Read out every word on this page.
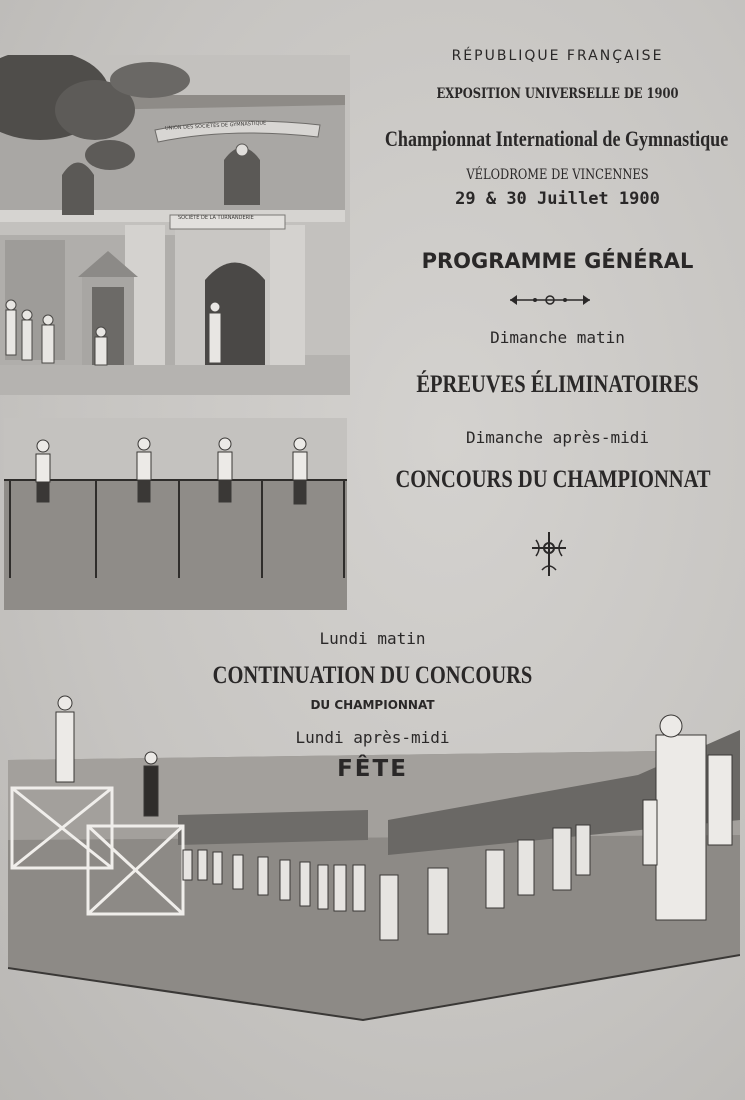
SOCIÉTÉ DE LA TURNANDERIE
UNION DES SOCIÉTÉS DE GYMNASTIQUE
RÉPUBLIQUE FRANÇAISE
EXPOSITION UNIVERSELLE DE 1900
Championnat International de Gymnastique
VÉLODROME DE VINCENNES
29 & 30 Juillet 1900
PROGRAMME GÉNÉRAL
Dimanche matin
ÉPREUVES ÉLIMINATOIRES
Dimanche après-midi
CONCOURS DU CHAMPIONNAT
Lundi matin
CONTINUATION DU CONCOURS
DU CHAMPIONNAT
Lundi après-midi
FÊTE
